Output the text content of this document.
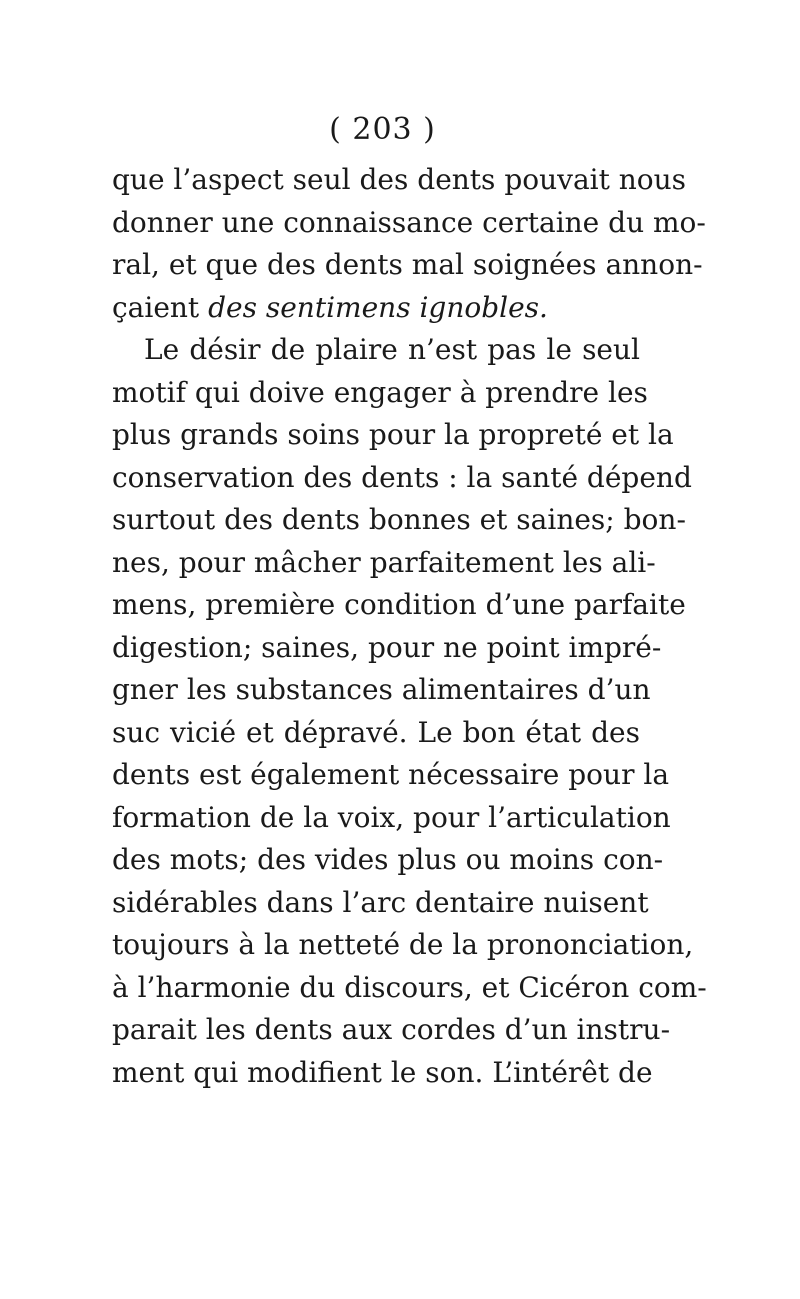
( 203 )
que l’aspect seul des dents pouvait nous
donner une connaissance certaine du mo-
ral, et que des dents mal soignées annon-
çaient des sentimens ignobles.
Le désir de plaire n’est pas le seul
motif qui doive engager à prendre les
plus grands soins pour la propreté et la
conservation des dents : la santé dépend
surtout des dents bonnes et saines; bon-
nes, pour mâcher parfaitement les ali-
mens, première condition d’une parfaite
digestion; saines, pour ne point impré-
gner les substances alimentaires d’un
suc vicié et dépravé. Le bon état des
dents est également nécessaire pour la
formation de la voix, pour l’articulation
des mots; des vides plus ou moins con-
sidérables dans l’arc dentaire nuisent
toujours à la netteté de la prononciation,
à l’harmonie du discours, et Cicéron com-
parait les dents aux cordes d’un instru-
ment qui modifient le son. L’intérêt de
